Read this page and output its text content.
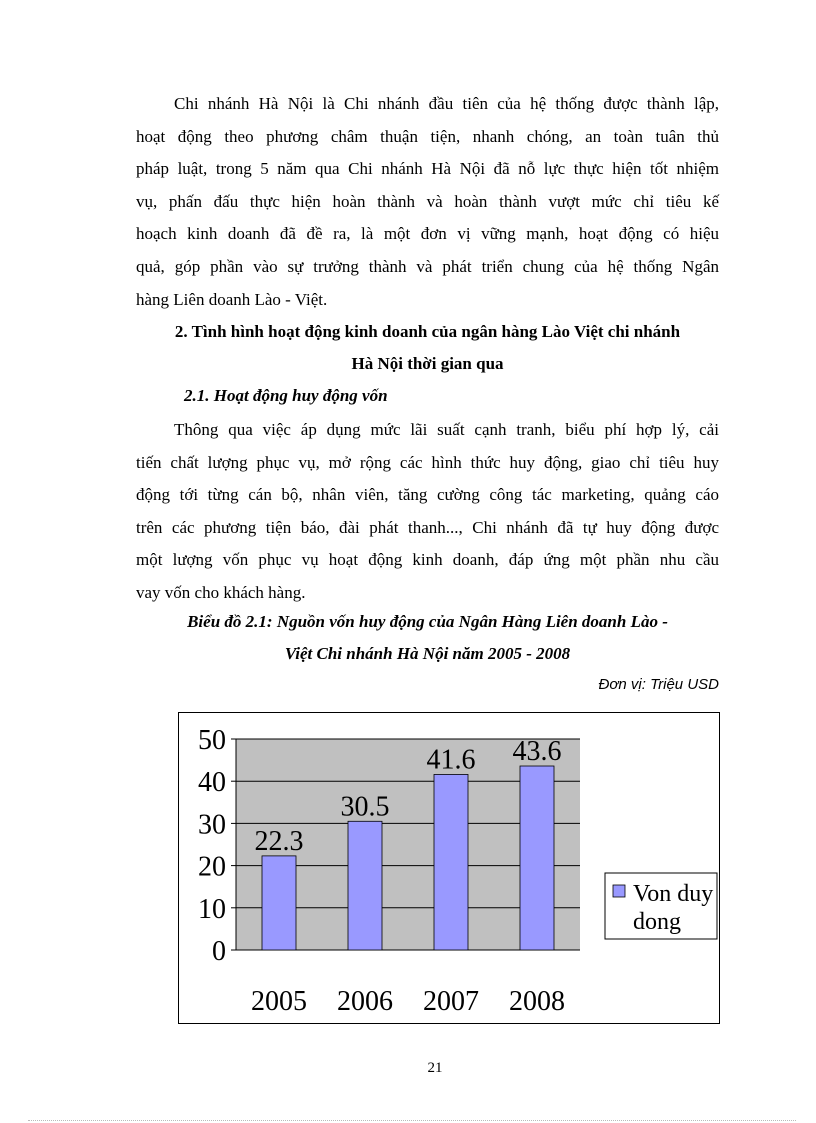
Chi nhánh Hà Nội là Chi nhánh đầu tiên của hệ thống được thành lập,
hoạt động theo phương châm thuận tiện, nhanh chóng, an toàn tuân thủ
pháp luật, trong 5 năm qua Chi nhánh Hà Nội đã nỗ lực thực hiện tốt nhiệm
vụ, phấn đấu thực hiện hoàn thành và hoàn thành vượt mức chỉ tiêu kế
hoạch kinh doanh đã đề ra, là một đơn vị vững mạnh, hoạt động có hiệu
quả, góp phần vào sự trưởng thành và phát triển chung của hệ thống Ngân
hàng Liên doanh Lào - Việt.

2. Tình hình hoạt động kinh doanh của ngân hàng Lào Việt chi nhánh

Hà Nội thời gian qua

2.1. Hoạt động huy động vốn

Thông qua việc áp dụng mức lãi suất cạnh tranh, biểu phí hợp lý, cải
tiến chất lượng phục vụ, mở rộng các hình thức huy động, giao chỉ tiêu huy
động tới từng cán bộ, nhân viên, tăng cường công tác marketing, quảng cáo
trên các phương tiện báo, đài phát thanh..., Chi nhánh đã tự huy động được
một lượng vốn phục vụ hoạt động kinh doanh, đáp ứng một phần nhu cầu
vay vốn cho khách hàng.

Biểu đồ 2.1: Nguồn vốn huy động của Ngân Hàng Liên doanh Lào -

Việt Chi nhánh Hà Nội năm 2005 - 2008

Đơn vị: Triệu USD

0
10
20
30
40
50
22.3
2005
30.5
2006
41.6
2007
43.6
2008
Von duy
dong

21
